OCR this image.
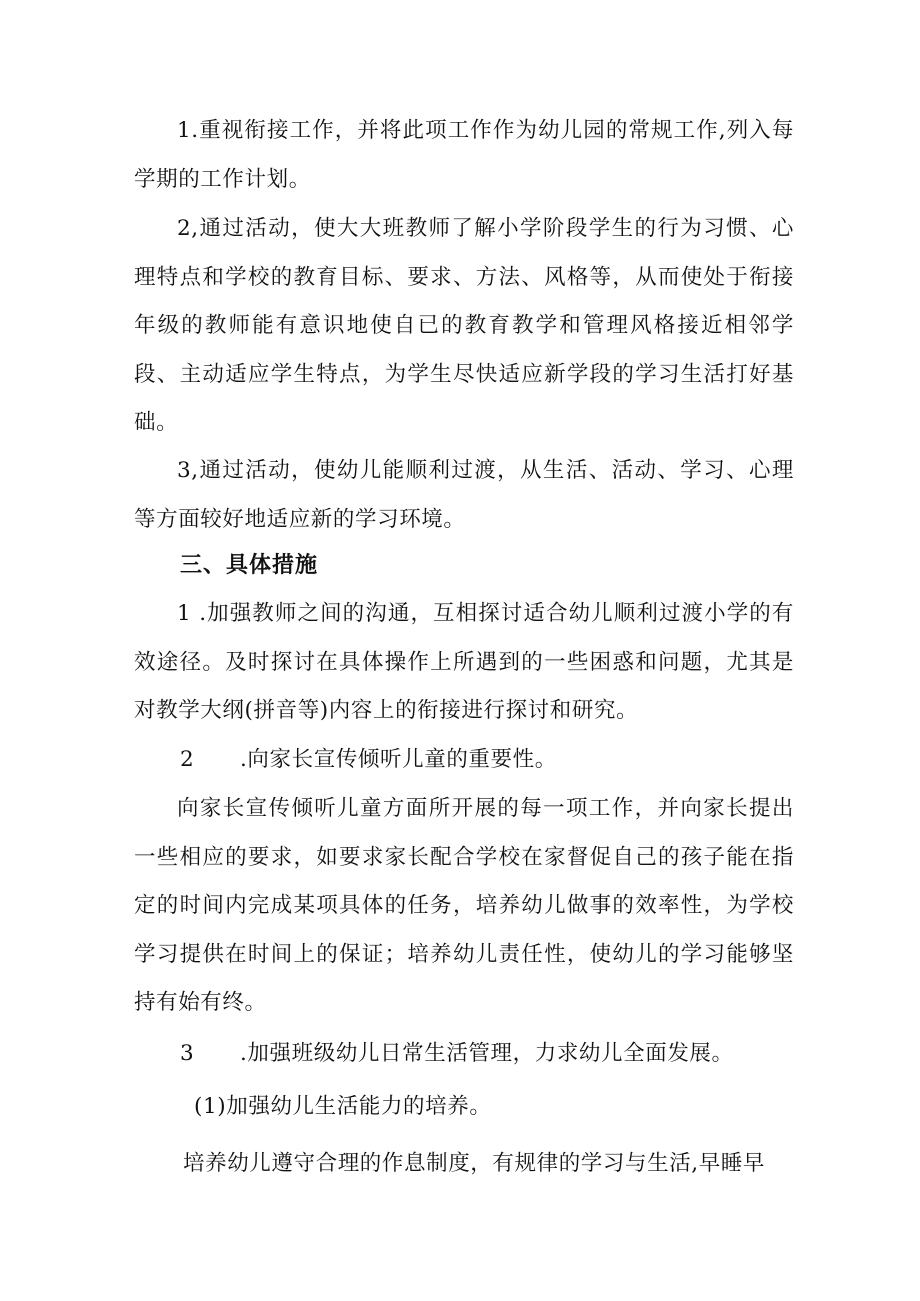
1.重视衔接工作，并将此项工作作为幼儿园的常规工作,列入每学期的工作计划。

2,通过活动，使大大班教师了解小学阶段学生的行为习惯、心理特点和学校的教育目标、要求、方法、风格等，从而使处于衔接年级的教师能有意识地使自已的教育教学和管理风格接近相邻学段、主动适应学生特点，为学生尽快适应新学段的学习生活打好基础。

3,通过活动，使幼儿能顺利过渡，从生活、活动、学习、心理等方面较好地适应新的学习环境。

三、具体措施

1 .加强教师之间的沟通，互相探讨适合幼儿顺利过渡小学的有效途径。及时探讨在具体操作上所遇到的一些困惑和问题，尤其是对教学大纲(拼音等)内容上的衔接进行探讨和研究。

2 .向家长宣传倾听儿童的重要性。

向家长宣传倾听儿童方面所开展的每一项工作，并向家长提出一些相应的要求，如要求家长配合学校在家督促自己的孩子能在指定的时间内完成某项具体的任务，培养幼儿做事的效率性，为学校学习提供在时间上的保证；培养幼儿责任性，使幼儿的学习能够坚持有始有终。

3 .加强班级幼儿日常生活管理，力求幼儿全面发展。
(1)加强幼儿生活能力的培养。
培养幼儿遵守合理的作息制度，有规律的学习与生活,早睡早
